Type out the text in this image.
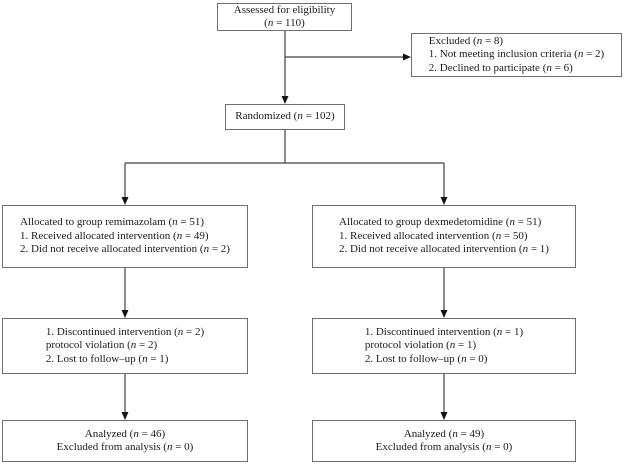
Assessed for eligibility
(n = 110)
Excluded (n = 8)
1. Not meeting inclusion criteria (n = 2)
2. Declined to participate (n = 6)
Randomized (n = 102)
Allocated to group remimazolam (n = 51)
1. Received allocated intervention (n = 49)
2. Did not receive allocated intervention (n = 2)
Allocated to group dexmedetomidine (n = 51)
1. Received allocated intervention (n = 50)
2. Did not receive allocated intervention (n = 1)
1. Discontinued intervention (n = 2)
protocol violation (n = 2)
2. Lost to follow–up (n = 1)
1. Discontinued intervention (n = 1)
protocol violation (n = 1)
2. Lost to follow–up (n = 0)
Analyzed (n = 46)
Excluded from analysis (n = 0)
Analyzed (n = 49)
Excluded from analysis (n = 0)
